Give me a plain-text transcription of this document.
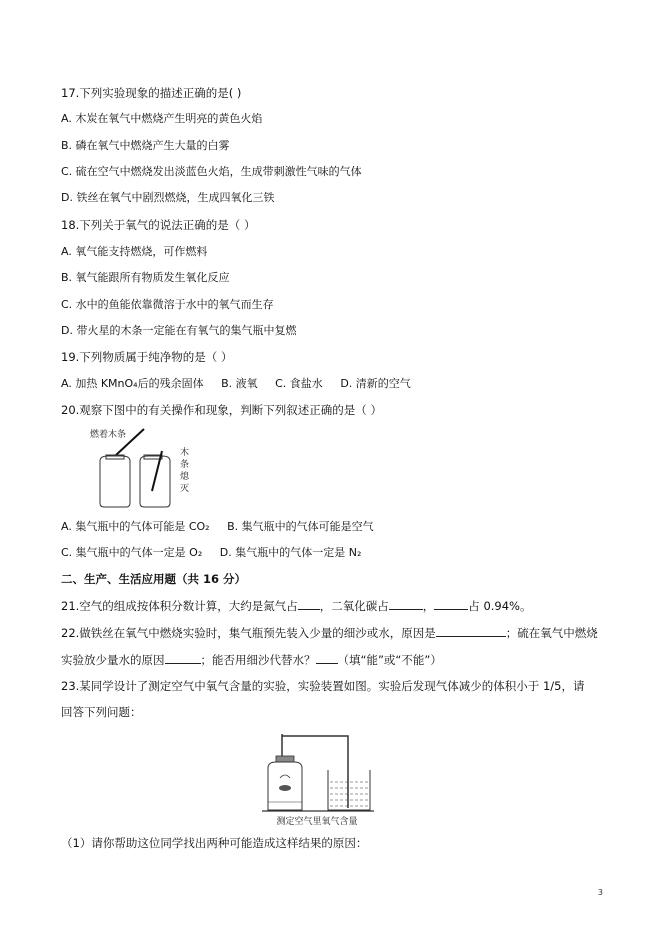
17.下列实验现象的描述正确的是( )
A. 木炭在氧气中燃烧产生明亮的黄色火焰
B. 磷在氧气中燃烧产生大量的白雾
C. 硫在空气中燃烧发出淡蓝色火焰，生成带刺激性气味的气体
D. 铁丝在氧气中剧烈燃烧，生成四氧化三铁
18.下列关于氧气的说法正确的是（ ）
A. 氧气能支持燃烧，可作燃料
B. 氧气能跟所有物质发生氧化反应
C. 水中的鱼能依靠微溶于水中的氧气而生存
D. 带火星的木条一定能在有氧气的集气瓶中复燃
19.下列物质属于纯净物的是（ ）
A. 加热 KMnO₄后的残余固体 B. 液氧 C. 食盐水 D. 清新的空气
20.观察下图中的有关操作和现象，判断下列叙述正确的是（ ）
燃着木条
木
条
熄
灭
A. 集气瓶中的气体可能是 CO₂ B. 集气瓶中的气体可能是空气
C. 集气瓶中的气体一定是 O₂ D. 集气瓶中的气体一定是 N₂
二、生产、生活应用题（共 16 分）
21.空气的组成按体积分数计算，大约是氮气占 ，二氧化碳占	，	占 0.94%。
22.做铁丝在氧气中燃烧实验时，集气瓶预先装入少量的细沙或水，原因是	；硫在氧气中燃烧
实验放少量水的原因	；能否用细沙代替水？ （填“能”或“不能”）
23.某同学设计了测定空气中氧气含量的实验，实验装置如图。实验后发现气体减少的体积小于 1/5，请
回答下列问题：
测定空气里氧气含量
（1）请你帮助这位同学找出两种可能造成这样结果的原因：
3
